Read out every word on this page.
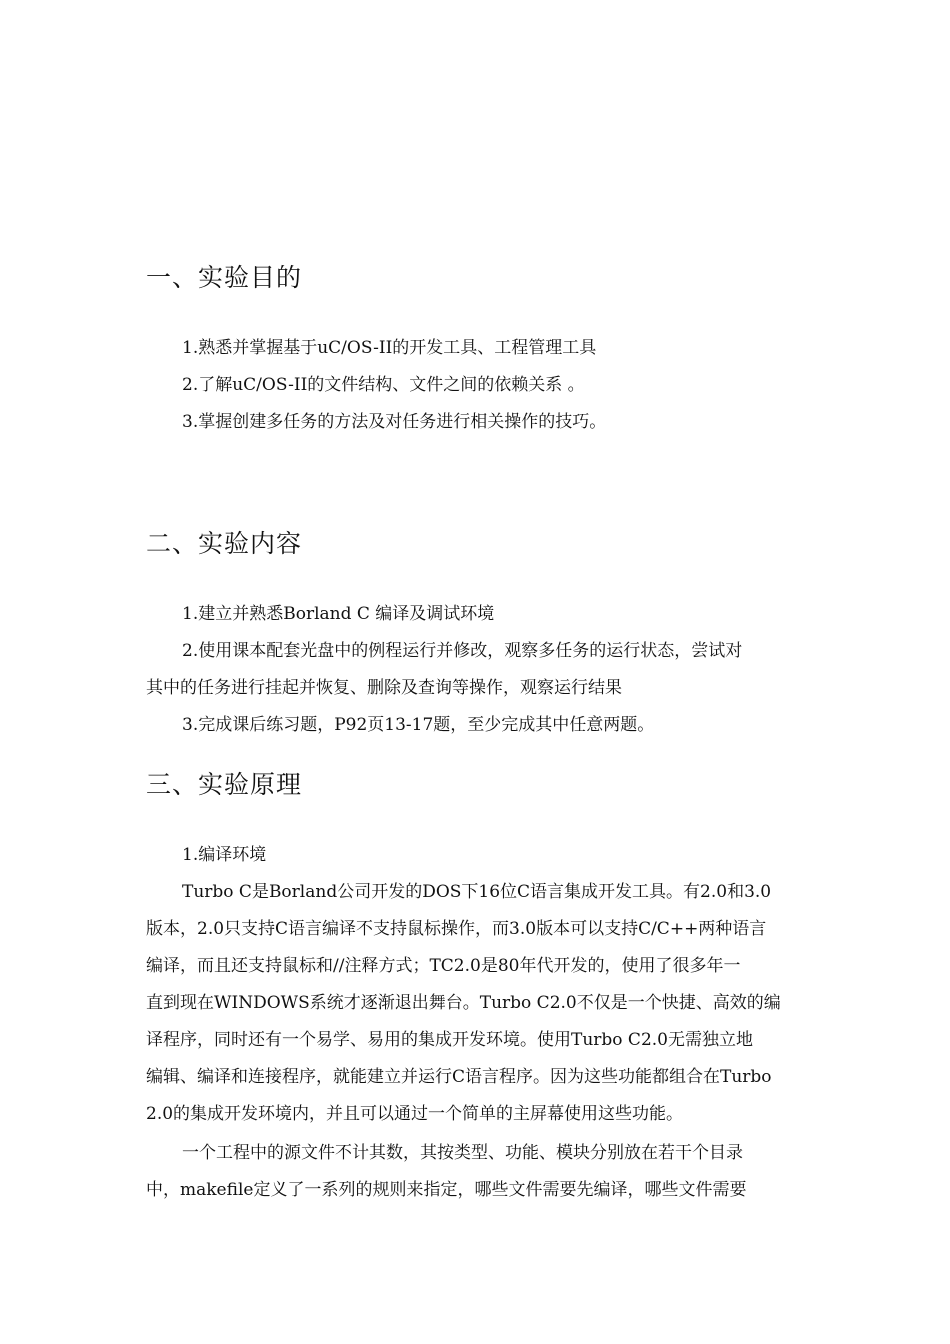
一、实验目的
1.熟悉并掌握基于uC/OS-II的开发工具、工程管理工具
2.了解uC/OS-II的文件结构、文件之间的依赖关系 。
3.掌握创建多任务的方法及对任务进行相关操作的技巧。
二、实验内容
1.建立并熟悉Borland C 编译及调试环境
2.使用课本配套光盘中的例程运行并修改，观察多任务的运行状态，尝试对
其中的任务进行挂起并恢复、删除及查询等操作，观察运行结果
3.完成课后练习题，P92页13-17题，至少完成其中任意两题。
三、实验原理
1.编译环境
Turbo C是Borland公司开发的DOS下16位C语言集成开发工具。有2.0和3.0
版本，2.0只支持C语言编译不支持鼠标操作，而3.0版本可以支持C/C++两种语言
编译，而且还支持鼠标和//注释方式；TC2.0是80年代开发的，使用了很多年一
直到现在WINDOWS系统才逐渐退出舞台。Turbo C2.0不仅是一个快捷、高效的编
译程序，同时还有一个易学、易用的集成开发环境。使用Turbo C2.0无需独立地
编辑、编译和连接程序，就能建立并运行C语言程序。因为这些功能都组合在Turbo
2.0的集成开发环境内，并且可以通过一个简单的主屏幕使用这些功能。
一个工程中的源文件不计其数，其按类型、功能、模块分别放在若干个目录
中，makefile定义了一系列的规则来指定，哪些文件需要先编译，哪些文件需要
